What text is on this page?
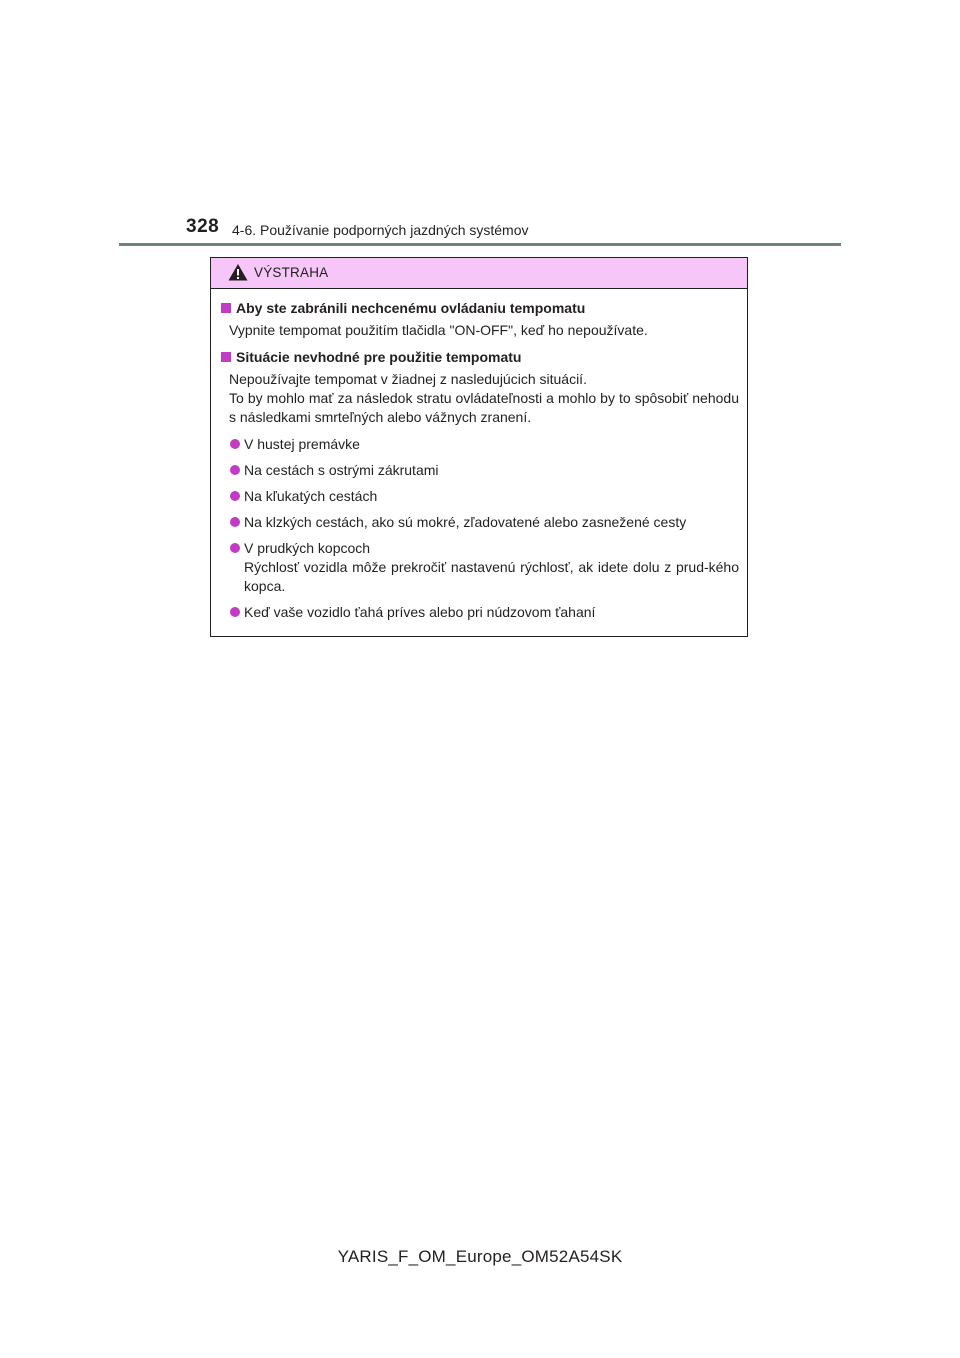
328 4-6. Používanie podporných jazdných systémov
VÝSTRAHA
Aby ste zabránili nechcenému ovládaniu tempomatu
Vypnite tempomat použitím tlačidla "ON-OFF", keď ho nepoužívate.
Situácie nevhodné pre použitie tempomatu
Nepoužívajte tempomat v žiadnej z nasledujúcich situácií.
To by mohlo mať za následok stratu ovládateľnosti a mohlo by to spôsobiť nehodu s následkami smrteľných alebo vážnych zranení.
V hustej premávke
Na cestách s ostrými zákrutami
Na kľukatých cestách
Na klzkých cestách, ako sú mokré, zľadovatené alebo zasnežené cesty
V prudkých kopcoch
Rýchlosť vozidla môže prekročiť nastavenú rýchlosť, ak idete dolu z prud-kého kopca.
Keď vaše vozidlo ťahá príves alebo pri núdzovom ťahaní
YARIS_F_OM_Europe_OM52A54SK
